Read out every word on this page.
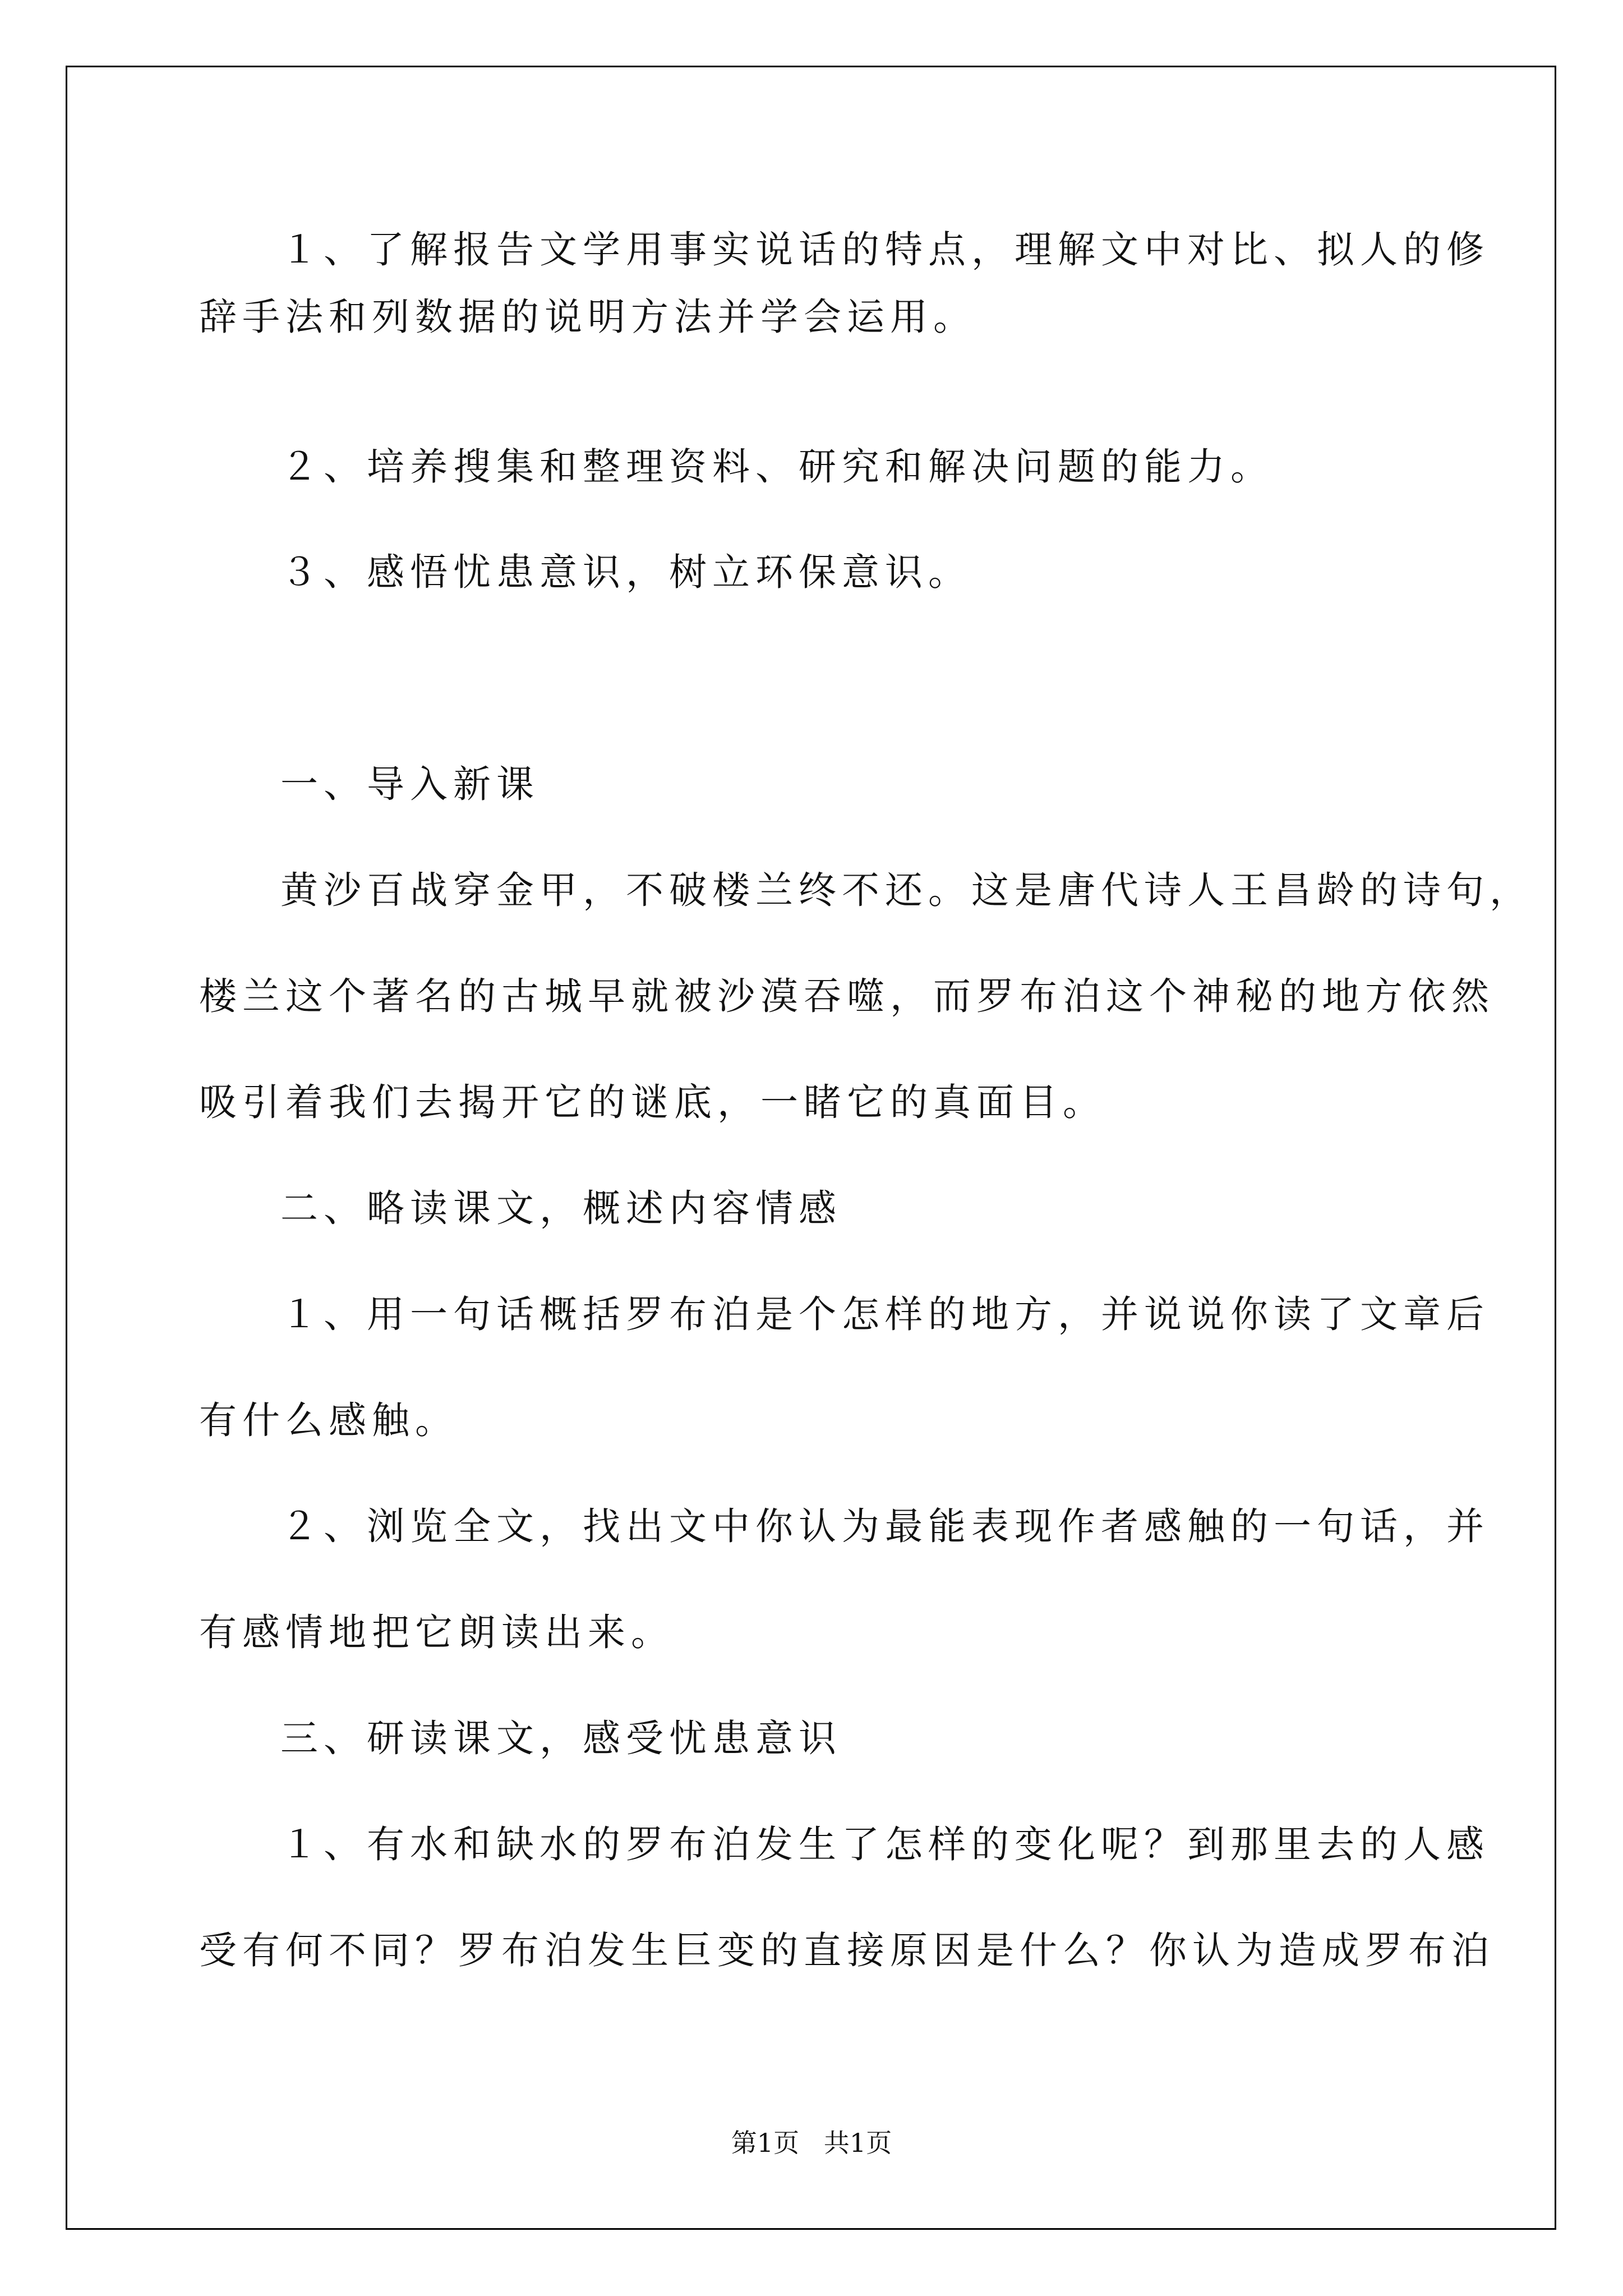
１、了解报告文学用事实说话的特点，理解文中对比、拟人的修

辞手法和列数据的说明方法并学会运用。

２、培养搜集和整理资料、研究和解决问题的能力。

３、感悟忧患意识，树立环保意识。

一、导入新课

黄沙百战穿金甲，不破楼兰终不还。这是唐代诗人王昌龄的诗句，

楼兰这个著名的古城早就被沙漠吞噬，而罗布泊这个神秘的地方依然

吸引着我们去揭开它的谜底，一睹它的真面目。

二、略读课文，概述内容情感

１、用一句话概括罗布泊是个怎样的地方，并说说你读了文章后

有什么感触。

２、浏览全文，找出文中你认为最能表现作者感触的一句话，并

有感情地把它朗读出来。

三、研读课文，感受忧患意识

１、有水和缺水的罗布泊发生了怎样的变化呢？到那里去的人感

受有何不同？罗布泊发生巨变的直接原因是什么？你认为造成罗布泊

第1页   共1页
